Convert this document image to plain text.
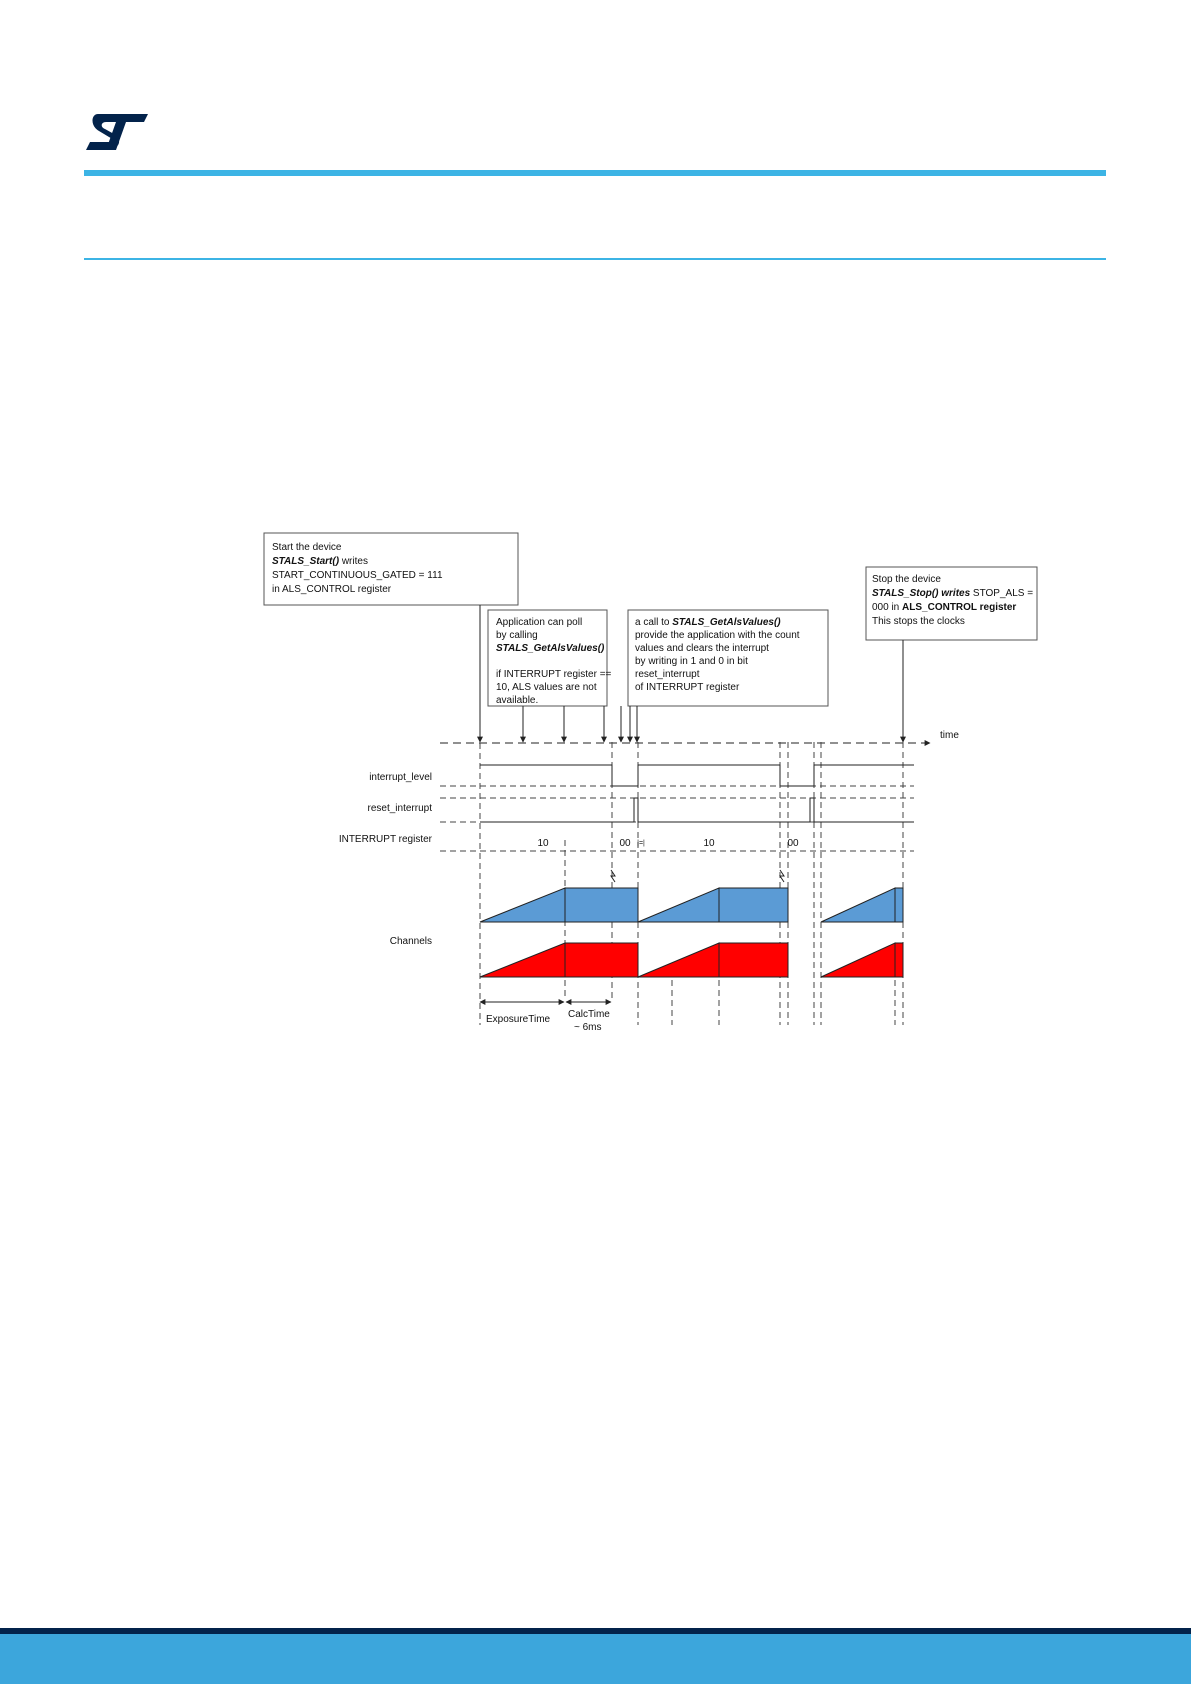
Start the device
STALS_Start() writes
START_CONTINUOUS_GATED = 111
in ALS_CONTROL register
Application can poll
by calling
STALS_GetAlsValues()
if INTERRUPT register ==
10, ALS values are not
available.
a call to STALS_GetAlsValues()
provide the application with the count
values and clears the interrupt
by writing in 1 and 0 in bit
reset_interrupt
of INTERRUPT register
Stop the device
STALS_Stop() writes STOP_ALS =
000 in ALS_CONTROL register
This stops the clocks
time
interrupt_level
reset_interrupt
INTERRUPT register
Channels
10	00	10	00
|=|
ExposureTime CalcTime
~ 6ms
